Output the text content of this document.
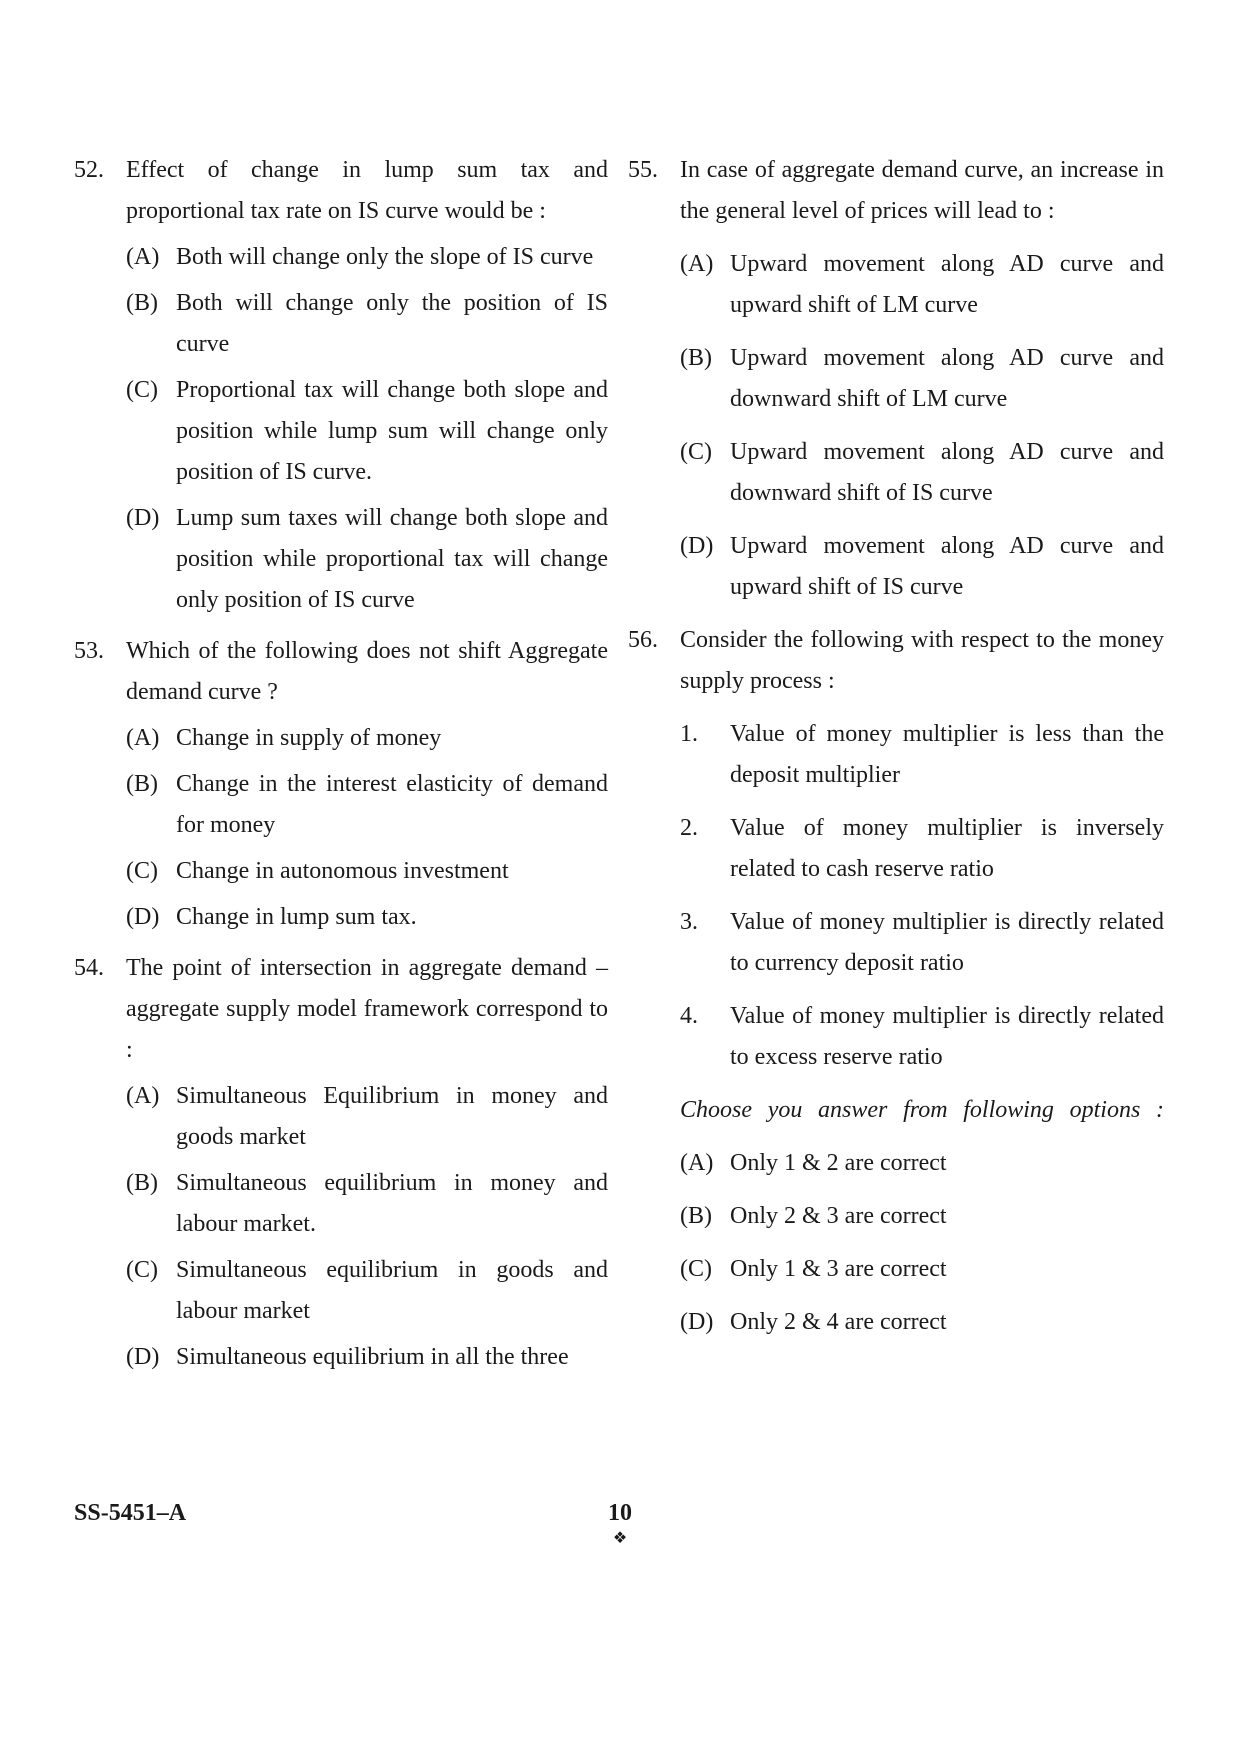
52. Effect of change in lump sum tax and proportional tax rate on IS curve would be :
(A) Both will change only the slope of IS curve
(B) Both will change only the position of IS curve
(C) Proportional tax will change both slope and position while lump sum will change only position of IS curve.
(D) Lump sum taxes will change both slope and position while proportional tax will change only position of IS curve
53. Which of the following does not shift Aggregate demand curve ?
(A) Change in supply of money
(B) Change in the interest elasticity of demand for money
(C) Change in autonomous investment
(D) Change in lump sum tax.
54. The point of intersection in aggregate demand – aggregate supply model framework correspond to :
(A) Simultaneous Equilibrium in money and goods market
(B) Simultaneous equilibrium in money and labour market.
(C) Simultaneous equilibrium in goods and labour market
(D) Simultaneous equilibrium in all the three
55. In case of aggregate demand curve, an increase in the general level of prices will lead to :
(A) Upward movement along AD curve and upward shift of LM curve
(B) Upward movement along AD curve and downward shift of LM curve
(C) Upward movement along AD curve and downward shift of IS curve
(D) Upward movement along AD curve and upward shift of IS curve
56. Consider the following with respect to the money supply process :
1.	Value of money multiplier is less than the deposit multiplier
2.	Value of money multiplier is inversely related to cash reserve ratio
3.	Value of money multiplier is directly related to currency deposit ratio
4.	Value of money multiplier is directly related to excess reserve ratio
Choose you answer from following options :
(A) Only 1 & 2 are correct
(B) Only 2 & 3 are correct
(C) Only 1 & 3 are correct
(D) Only 2 & 4 are correct
SS-5451–A	10
❖
